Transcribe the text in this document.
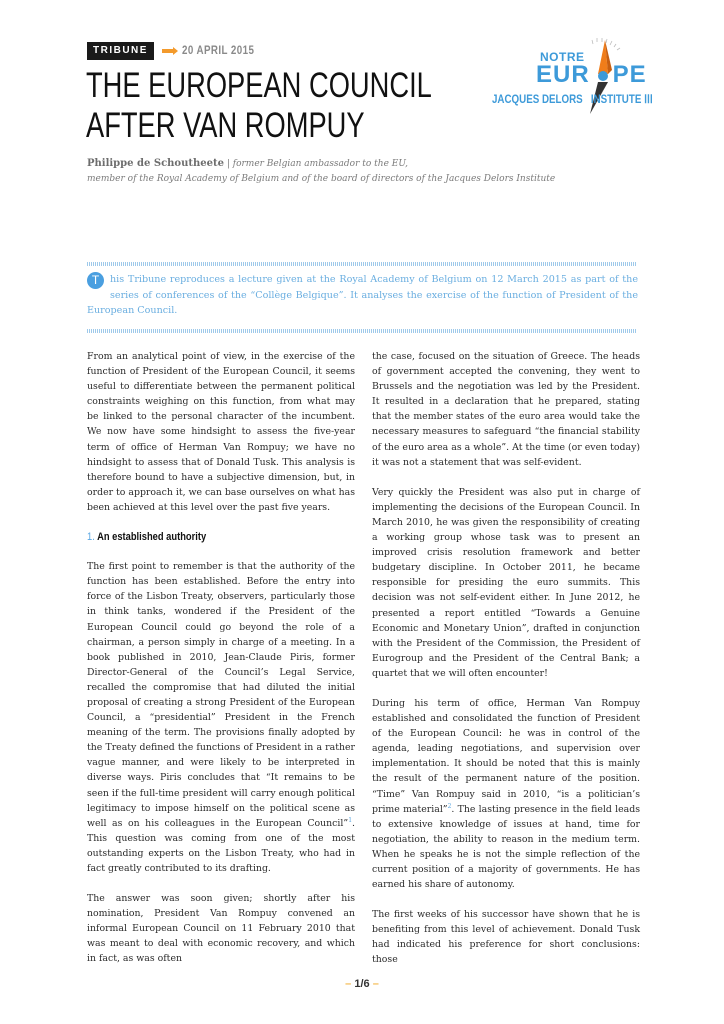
TRIBUNE	20 APRIL 2015
THE EUROPEAN COUNCIL
AFTER VAN ROMPUY
NOTRE
EUR   PE
JACQUES DELORS   INSTITUTE ⅠⅠⅠ
Philippe de Schoutheete | former Belgian ambassador to the EU,
member of the Royal Academy of Belgium and of the board of directors of the Jacques Delors Institute
T	his Tribune reproduces a lecture given at the Royal Academy of Belgium on 12 March 2015 as part of the series of conferences of the “Collège Belgique”. It analyses the exercise of the function of President of the European Council.

From an analytical point of view, in the exercise of the function of President of the European Council, it seems useful to differentiate between the permanent political constraints weighing on this function, from what may be linked to the personal character of the incumbent. We now have some hindsight to assess the five-year term of office of Herman Van Rompuy; we have no hindsight to assess that of Donald Tusk. This analysis is therefore bound to have a subjective dimension, but, in order to approach it, we can base ourselves on what has been achieved at this level over the past five years.

1. An established authority

The first point to remember is that the authority of the function has been established. Before the entry into force of the Lisbon Treaty, observers, particularly those in think tanks, wondered if the President of the European Council could go beyond the role of a chairman, a person simply in charge of a meeting. In a book published in 2010, Jean-Claude Piris, former Director-General of the Council’s Legal Service, recalled the compromise that had diluted the initial proposal of creating a strong President of the European Council, a “presidential” President in the French meaning of the term. The provisions finally adopted by the Treaty defined the functions of President in a rather vague manner, and were likely to be interpreted in diverse ways. Piris concludes that “It remains to be seen if the full-time president will carry enough political legitimacy to impose himself on the political scene as well as on his colleagues in the European Council”$^1$. This question was coming from one of the most outstanding experts on the Lisbon Treaty, who had in fact greatly contributed to its drafting.

The answer was soon given; shortly after his nomination, President Van Rompuy convened an informal European Council on 11 February 2010 that was meant to deal with economic recovery, and which in fact, as was often

the case, focused on the situation of Greece. The heads of government accepted the convening, they went to Brussels and the negotiation was led by the President. It resulted in a declaration that he prepared, stating that the member states of the euro area would take the necessary measures to safeguard “the financial stability of the euro area as a whole”. At the time (or even today) it was not a statement that was self-evident.

Very quickly the President was also put in charge of implementing the decisions of the European Council. In March 2010, he was given the responsibility of creating a working group whose task was to present an improved crisis resolution framework and better budgetary discipline. In October 2011, he became responsible for presiding the euro summits. This decision was not self-evident either. In June 2012, he presented a report entitled “Towards a Genuine Economic and Monetary Union”, drafted in conjunction with the President of the Commission, the President of Eurogroup and the President of the Central Bank; a quartet that we will often encounter!

During his term of office, Herman Van Rompuy established and consolidated the function of President of the European Council: he was in control of the agenda, leading negotiations, and supervision over implementation. It should be noted that this is mainly the result of the permanent nature of the position. “Time” Van Rompuy said in 2010, “is a politician’s prime material”$^2$. The lasting presence in the field leads to extensive knowledge of issues at hand, time for negotiation, the ability to reason in the medium term. When he speaks he is not the simple reflection of the current position of a majority of governments. He has earned his share of autonomy.

The first weeks of his successor have shown that he is benefiting from this level of achievement. Donald Tusk had indicated his preference for short conclusions: those

– 1/6 –
